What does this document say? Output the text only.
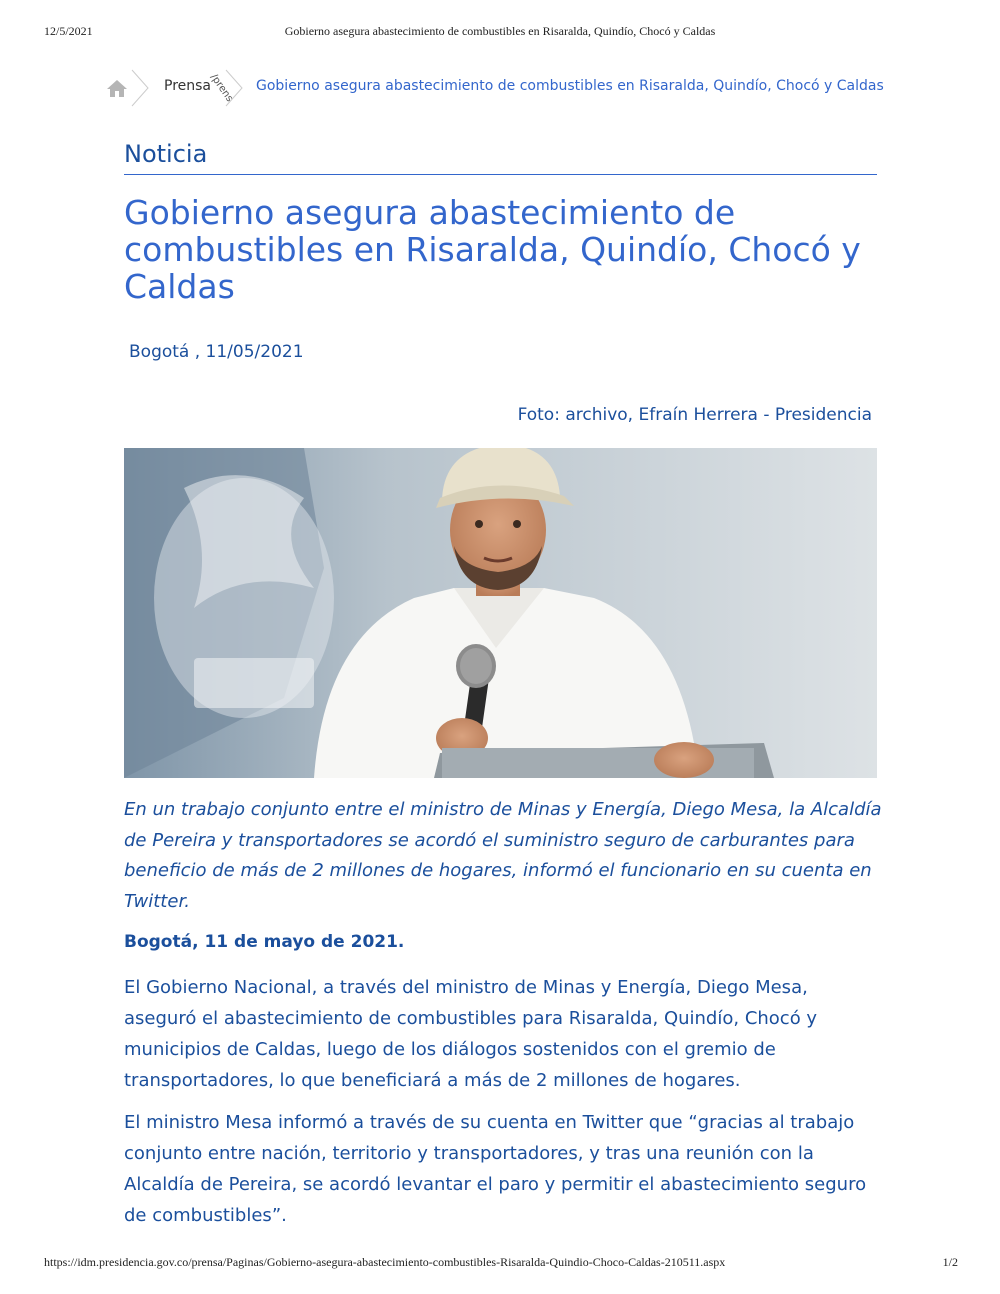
12/5/2021	Gobierno asegura abastecimiento de combustibles en Risaralda, Quindío, Chocó y Caldas
Prensa
/prens Gobierno asegura abastecimiento de combustibles en Risaralda, Quindío, Chocó y Caldas
Noticia
Gobierno asegura abastecimiento de combustibles en Risaralda, Quindío, Chocó y Caldas
Bogotá , 11/05/2021
Foto: archivo, Efraín Herrera - Presidencia

En un trabajo conjunto entre el ministro de Minas y Energía, Diego Mesa, la Alcaldía de Pereira y transportadores se acordó el suministro seguro de carburantes para beneficio de más de 2 millones de hogares, informó el funcionario en su cuenta en Twitter.

Bogotá, 11 de mayo de 2021.

El Gobierno Nacional, a través del ministro de Minas y Energía, Diego Mesa, aseguró el abastecimiento de combustibles para Risaralda, Quindío, Chocó y municipios de Caldas, luego de los diálogos sostenidos con el gremio de transportadores, lo que beneficiará a más de 2 millones de hogares.

El ministro Mesa informó a través de su cuenta en Twitter que “gracias al trabajo conjunto entre nación, territorio y transportadores, y tras una reunión con la Alcaldía de Pereira, se acordó levantar el paro y permitir el abastecimiento seguro de combustibles”.

https://idm.presidencia.gov.co/prensa/Paginas/Gobierno-asegura-abastecimiento-combustibles-Risaralda-Quindio-Choco-Caldas-210511.aspx	1/2
